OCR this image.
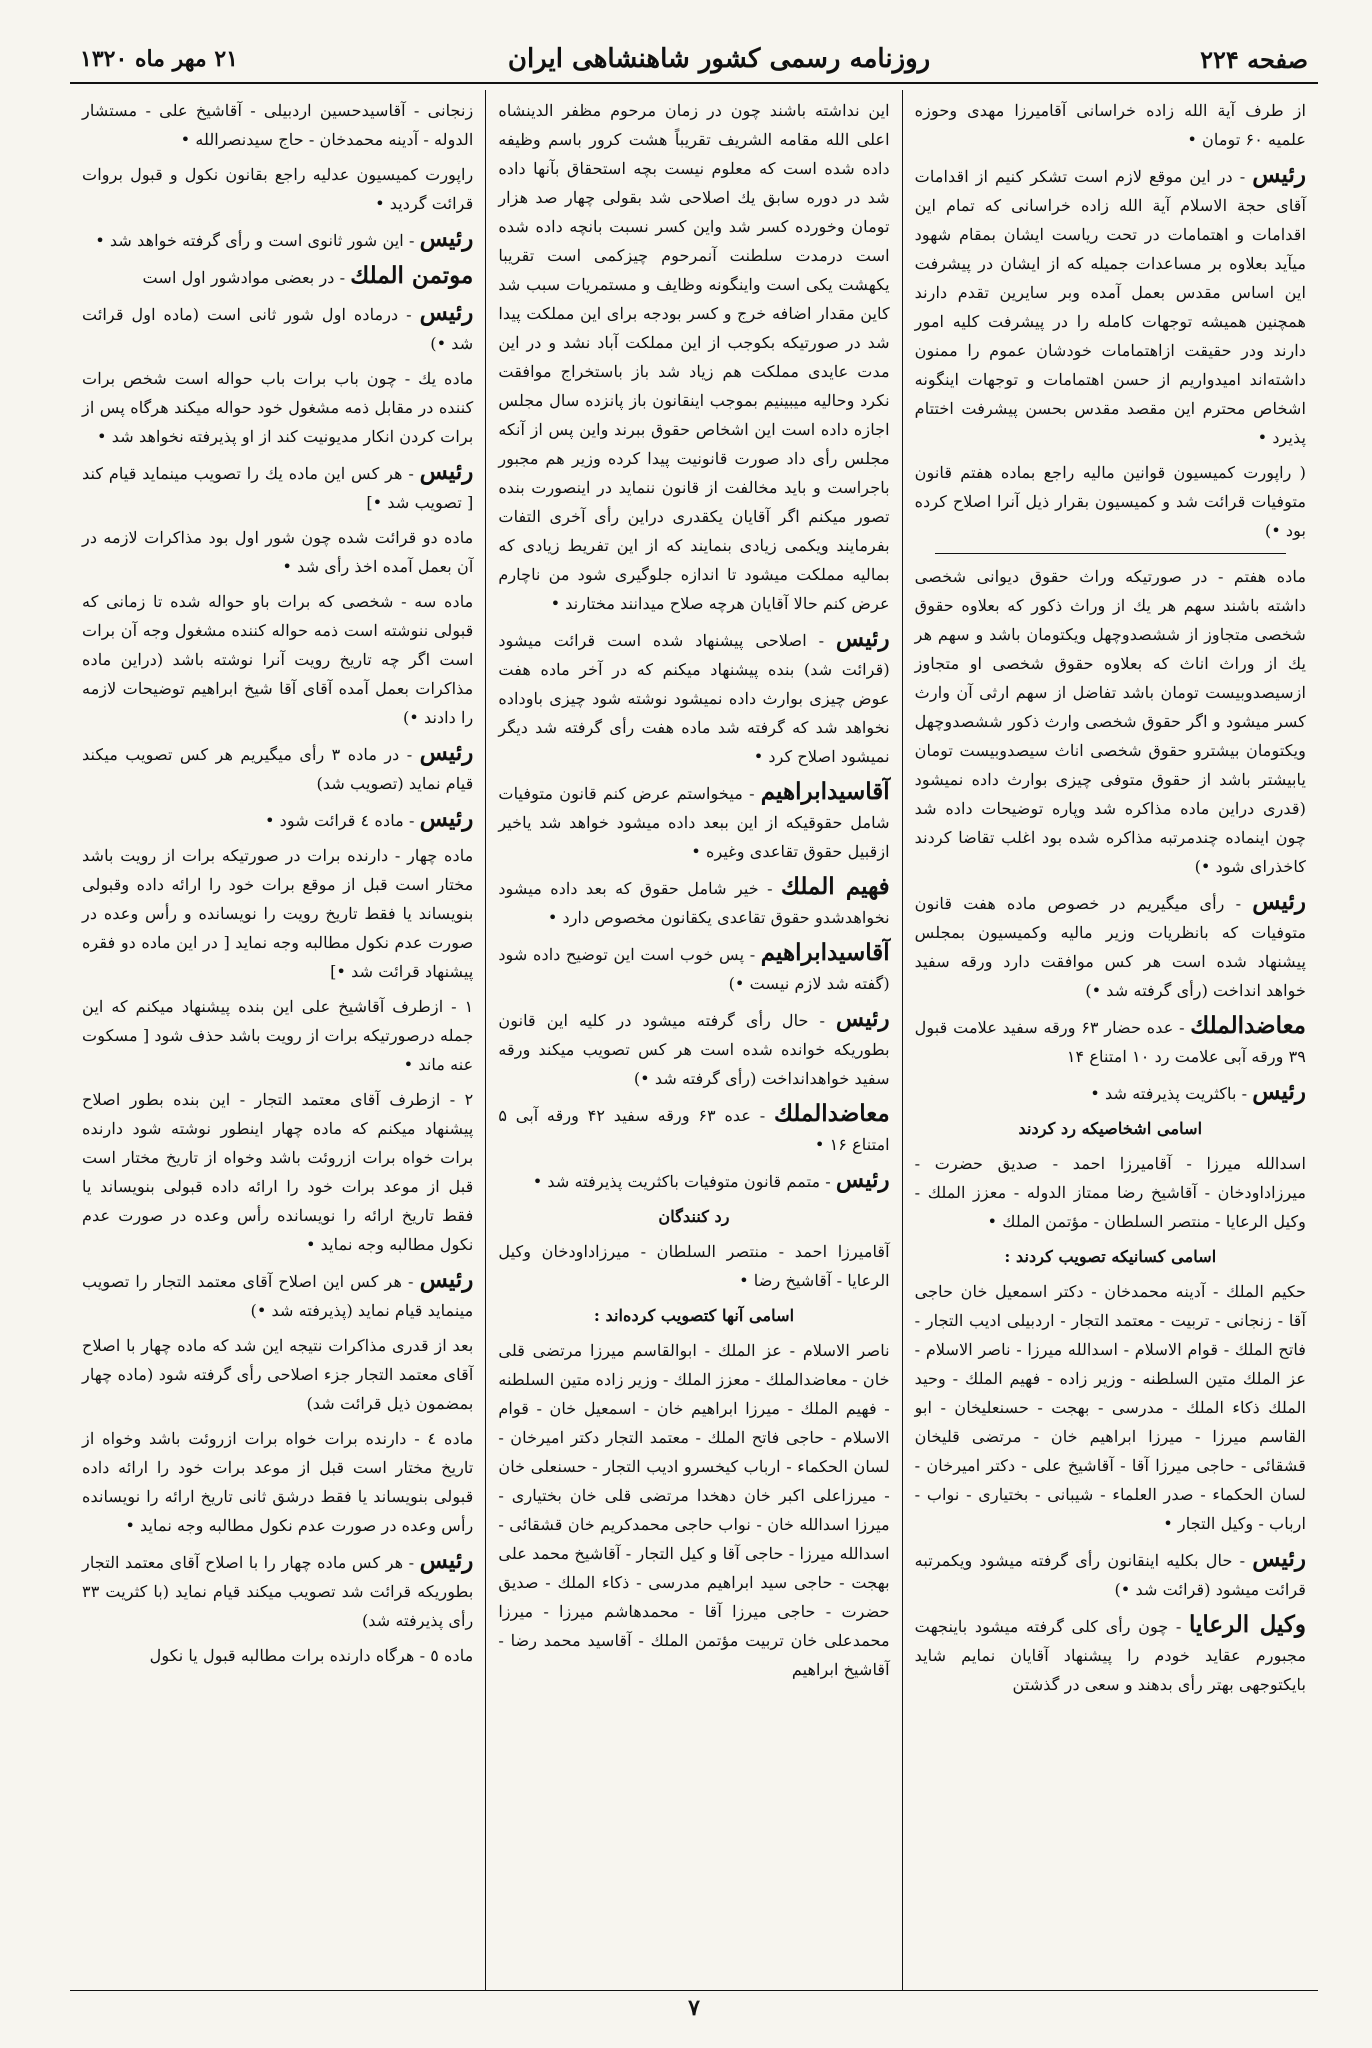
صفحه ۲۲۴
روزنامه رسمی کشور شاهنشاهی ایران
۲۱ مهر ماه ۱۳۲۰

از طرف آیة الله زاده خراسانی آقامیرزا مهدی وحوزه علمیه ۶۰ تومان •

رئیس - در این موقع لازم است تشکر کنیم از اقدامات آقای حجة الاسلام آیة الله زاده خراسانی که تمام این اقدامات و اهتمامات در تحت ریاست ایشان بمقام شهود میآید بعلاوه بر مساعدات جمیله که از ایشان در پیشرفت این اساس مقدس بعمل آمده وبر سایرین تقدم دارند همچنین همیشه توجهات کامله را در پیشرفت کلیه امور دارند ودر حقیقت ازاهتمامات خودشان عموم را ممنون داشته‌اند امیدواریم از حسن اهتمامات و توجهات اینگونه اشخاص محترم این مقصد مقدس بحسن پیشرفت اختتام پذیرد •

( راپورت کمیسیون قوانین مالیه راجع بماده هفتم قانون متوفیات قرائت شد و کمیسیون بقرار ذیل آنرا اصلاح کرده بود •)

ماده هفتم - در صورتیکه وراث حقوق دیوانی شخصی داشته باشند سهم هر یك از وراث ذکور که بعلاوه حقوق شخصی متجاوز از ششصدوچهل ویکتومان باشد و سهم هر یك از وراث اناث که بعلاوه حقوق شخصی او متجاوز ازسیصدوبیست تومان باشد تفاضل از سهم ارثی آن وارث کسر میشود و اگر حقوق شخصی وارث ذکور ششصدوچهل ویکتومان بیشترو حقوق شخصی اناث سیصدوبیست تومان یابیشتر باشد از حقوق متوفی چیزی بوارث داده نمیشود (قدری دراین ماده مذاکره شد وپاره توضیحات داده شد چون اینماده چندمرتبه مذاکره شده بود اغلب تقاضا کردند کاخذرای شود •)

رئیس - رأی میگیریم در خصوص ماده هفت قانون متوفیات که بانظریات وزیر مالیه وکمیسیون بمجلس پیشنهاد شده است هر کس موافقت دارد ورقه سفید خواهد انداخت (رأی گرفته شد •)

معاضدالملك - عده حضار ۶۳ ورقه سفید علامت قبول ۳۹ ورقه آبی علامت رد ۱۰ امتناع ۱۴

رئیس - باکثریت پذیرفته شد •

اسامی اشخاصیکه رد کردند

اسدالله میرزا - آقامیرزا احمد - صدیق حضرت - میرزاداودخان - آقاشیخ رضا ممتاز الدوله - معزز الملك - وکیل الرعایا - منتصر السلطان - مؤتمن الملك •

اسامی کسانیکه تصویب کردند :

حکیم الملك - آدینه محمدخان - دکتر اسمعیل خان حاجی آقا - زنجانی - تربیت - معتمد التجار - اردبیلی ادیب التجار - فاتح الملك - قوام الاسلام - اسدالله میرزا - ناصر الاسلام - عز الملك متین السلطنه - وزیر زاده - فهیم الملك - وحید الملك ذکاء الملك - مدرسی - بهجت - حسنعلیخان - ابو القاسم میرزا - میرزا ابراهیم خان - مرتضی قلیخان قشقائی - حاجی میرزا آقا - آقاشیخ علی - دکتر امیرخان - لسان الحکماء - صدر العلماء - شیبانی - بختیاری - نواب - ارباب - وکیل التجار •

رئیس - حال بکلیه اینقانون رأی گرفته میشود ویکمرتبه قرائت میشود (قرائت شد •)

وکیل الرعایا - چون رأی کلی گرفته میشود باینجهت مجبورم عقاید خودم را پیشنهاد آقایان نمایم شاید بایکتوجهی بهتر رأی بدهند و سعی در گذشتن

این نداشته باشند چون در زمان مرحوم مظفر الدینشاه اعلی الله مقامه الشریف تقریباً هشت کرور باسم وظیفه داده شده است که معلوم نیست بچه استحقاق بآنها داده شد در دوره سابق یك اصلاحی شد بقولی چهار صد هزار تومان وخورده کسر شد واین کسر نسبت بانچه داده شده است درمدت سلطنت آنمرحوم چیزکمی است تقریبا یکهشت یکی است واینگونه وظایف و مستمریات سبب شد کاین مقدار اضافه خرج و کسر بودجه برای این مملکت پیدا شد در صورتیکه بکوجب از این مملکت آباد نشد و در این مدت عایدی مملکت هم زیاد شد باز باستخراج موافقت نکرد وحالیه میبینیم بموجب اینقانون باز پانزده سال مجلس اجازه داده است این اشخاص حقوق ببرند واین پس از آنکه مجلس رأی داد صورت قانونیت پیدا کرده وزیر هم مجبور باجراست و باید مخالفت از قانون ننماید در اینصورت بنده تصور میکنم اگر آقایان یکقدری دراین رأی آخری التفات بفرمایند ویکمی زیادی بنمایند که از این تفریط زیادی که بمالیه مملکت میشود تا اندازه جلوگیری شود من ناچارم عرض کنم حالا آقایان هرچه صلاح میدانند مختارند •

رئیس - اصلاحی پیشنهاد شده است قرائت میشود (قرائت شد) بنده پیشنهاد میکنم که در آخر ماده هفت عوض چیزی بوارث داده نمیشود نوشته شود چیزی باوداده نخواهد شد که گرفته شد ماده هفت رأی گرفته شد دیگر نمیشود اصلاح کرد •

آقاسیدابراهیم - میخواستم عرض کنم قانون متوفیات شامل حقوقیکه از این ببعد داده میشود خواهد شد یاخیر ازقبیل حقوق تقاعدی وغیره •

فهیم الملك - خیر شامل حقوق که بعد داده میشود نخواهدشدو حقوق تقاعدی یکقانون مخصوص دارد •

آقاسیدابراهیم - پس خوب است این توضیح داده شود (گفته شد لازم نیست •)

رئیس - حال رأی گرفته میشود در کلیه این قانون بطوریکه خوانده شده است هر کس تصویب میکند ورقه سفید خواهدانداخت (رأی گرفته شد •)

معاضدالملك - عده ۶۳ ورقه سفید ۴۲ ورقه آبی ۵ امتناع ۱۶ •

رئیس - متمم قانون متوفیات باکثریت پذیرفته شد •

رد کنندگان

آقامیرزا احمد - منتصر السلطان - میرزاداودخان وکیل الرعایا - آقاشیخ رضا •

اسامی آنها کتصویب کرده‌اند :

ناصر الاسلام - عز الملك - ابوالقاسم میرزا مرتضی قلی خان - معاضدالملك - معزز الملك - وزیر زاده متین السلطنه - فهیم الملك - میرزا ابراهیم خان - اسمعیل خان - قوام الاسلام - حاجی فاتح الملك - معتمد التجار دکتر امیرخان - لسان الحکماء - ارباب کیخسرو ادیب التجار - حسنعلی خان - میرزاعلی اکبر خان دهخدا مرتضی قلی خان بختیاری - میرزا اسدالله خان - نواب حاجی محمدکریم خان قشقائی - اسدالله میرزا - حاجی آقا و کیل التجار - آقاشیخ محمد علی بهجت - حاجی سید ابراهیم مدرسی - ذکاء الملك - صدیق حضرت - حاجی میرزا آقا - محمدهاشم میرزا - میرزا محمدعلی خان تربیت مؤتمن الملك - آقاسید محمد رضا - آقاشیخ ابراهیم

زنجانی - آقاسیدحسین اردبیلی - آقاشیخ علی - مستشار الدوله - آدینه محمدخان - حاج سیدنصرالله •

راپورت کمیسیون عدلیه راجع بقانون نکول و قبول بروات قرائت گردید •

رئیس - این شور ثانوی است و رأی گرفته خواهد شد •

موتمن الملك - در بعضی موادشور اول است

رئیس - درماده اول شور ثانی است (ماده اول قرائت شد •)

ماده یك - چون باب برات باب حواله است شخص برات کننده در مقابل ذمه مشغول خود حواله میکند هرگاه پس از برات کردن انکار مدیونیت کند از او پذیرفته نخواهد شد •

رئیس - هر کس این ماده یك را تصویب مینماید قیام کند [ تصویب شد •]

ماده دو قرائت شده چون شور اول بود مذاکرات لازمه در آن بعمل آمده اخذ رأی شد •

ماده سه - شخصی که برات باو حواله شده تا زمانی که قبولی ننوشته است ذمه حواله کننده مشغول وجه آن برات است اگر چه تاریخ رویت آنرا نوشته باشد (دراین ماده مذاکرات بعمل آمده آقای آقا شیخ ابراهیم توضیحات لازمه را دادند •)

رئیس - در ماده ۳ رأی میگیریم هر کس تصویب میکند قیام نماید (تصویب شد)

رئیس - ماده ٤ قرائت شود •

ماده چهار - دارنده برات در صورتیکه برات از رویت باشد مختار است قبل از موقع برات خود را ارائه داده وقبولی بنویساند یا فقط تاریخ رویت را نویسانده و رأس وعده در صورت عدم نکول مطالبه وجه نماید [ در این ماده دو فقره پیشنهاد قرائت شد •]

۱ - ازطرف آقاشیخ علی این بنده پیشنهاد میکنم که این جمله درصورتیکه برات از رویت باشد حذف شود [ مسکوت عنه ماند •

۲ - ازطرف آقای معتمد التجار - این بنده بطور اصلاح پیشنهاد میکنم که ماده چهار اینطور نوشته شود دارنده برات خواه برات ازروئت باشد وخواه از تاریخ مختار است قبل از موعد برات خود را ارائه داده قبولی بنویساند یا فقط تاریخ ارائه را نویسانده رأس وعده در صورت عدم نکول مطالبه وجه نماید •

رئیس - هر کس این اصلاح آقای معتمد التجار را تصویب مینماید قیام نماید (پذیرفته شد •)

بعد از قدری مذاکرات نتیجه این شد که ماده چهار با اصلاح آقای معتمد التجار جزء اصلاحی رأی گرفته شود (ماده چهار بمضمون ذیل قرائت شد)

ماده ٤ - دارنده برات خواه برات ازروئت باشد وخواه از تاریخ مختار است قبل از موعد برات خود را ارائه داده قبولی بنویساند یا فقط درشق ثانی تاریخ ارائه را نویسانده رأس وعده در صورت عدم نکول مطالبه وجه نماید •

رئیس - هر کس ماده چهار را با اصلاح آقای معتمد التجار بطوریکه قرائت شد تصویب میکند قیام نماید (با کثریت ۳۳ رأی پذیرفته شد)

ماده ٥ - هرگاه دارنده برات مطالبه قبول یا نکول

۷
